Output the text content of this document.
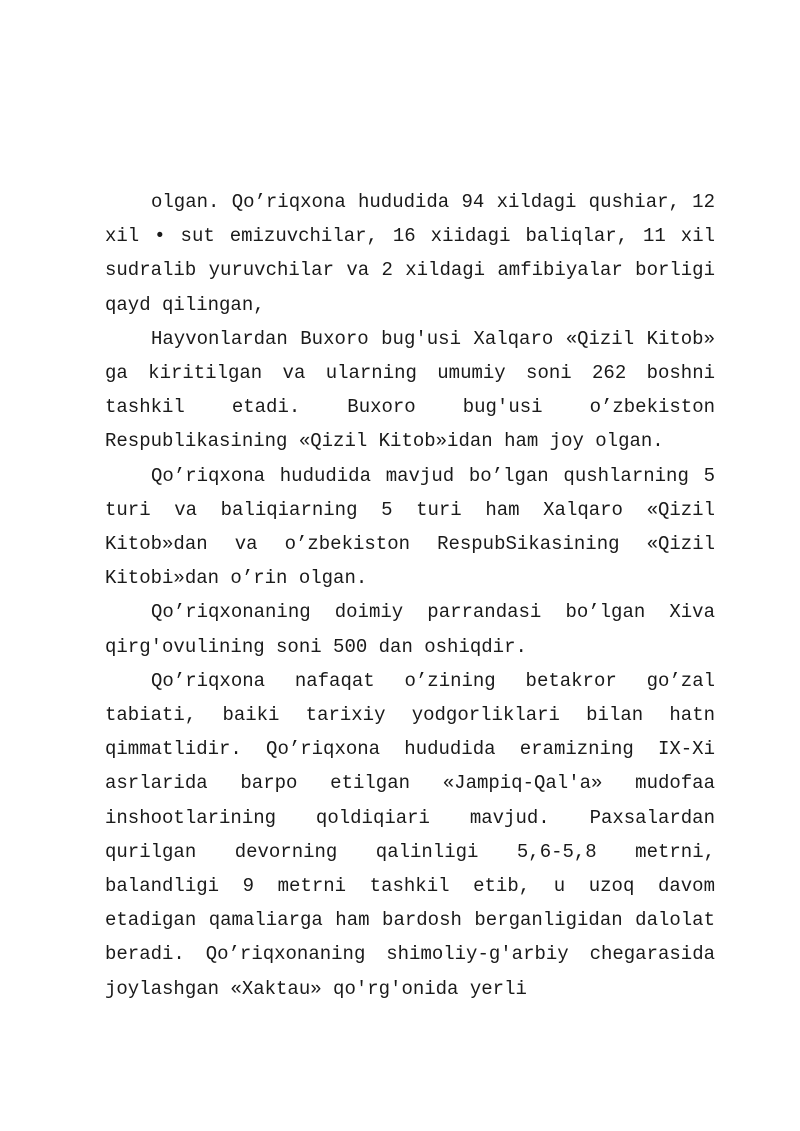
olgan. Qo’riqxona hududida 94 xildagi qushiar, 12 xil • sut emizuvchilar, 16 xiidagi baliqlar, 11 xil sudralib yuruvchilar va 2 xildagi amfibiyalar borligi qayd qilingan,

Hayvonlardan Buxoro bug'usi Xalqaro «Qizil Kitob» ga kiritilgan va ularning umumiy soni 262 boshni tashkil etadi. Buxoro bug'usi o’zbekiston Respublikasining «Qizil Kitob»idan ham joy olgan.

Qo’riqxona hududida mavjud bo’lgan qushlarning 5 turi va baliqiarning 5 turi ham Xalqaro «Qizil Kitob»dan va o’zbekiston RespubSikasining «Qizil Kitobi»dan o’rin olgan.

Qo’riqxonaning doimiy parrandasi bo’lgan Xiva qirg'ovulining soni 500 dan oshiqdir.

Qo’riqxona nafaqat o’zining betakror go’zal tabiati, baiki tarixiy yodgorliklari bilan hatn qimmatlidir. Qo’riqxona hududida eramizning IX-Xi asrlarida barpo etilgan «Jampiq-Qal'a» mudofaa inshootlarining qoldiqiari mavjud. Paxsalardan qurilgan devorning qalinligi 5,6-5,8 metrni, balandligi 9 metrni tashkil etib, u uzoq davom etadigan qamaliarga ham bardosh berganligidan dalolat beradi. Qo’riqxonaning shimoliy-g'arbiy chegarasida joylashgan «Xaktau» qo'rg'onida yerli
